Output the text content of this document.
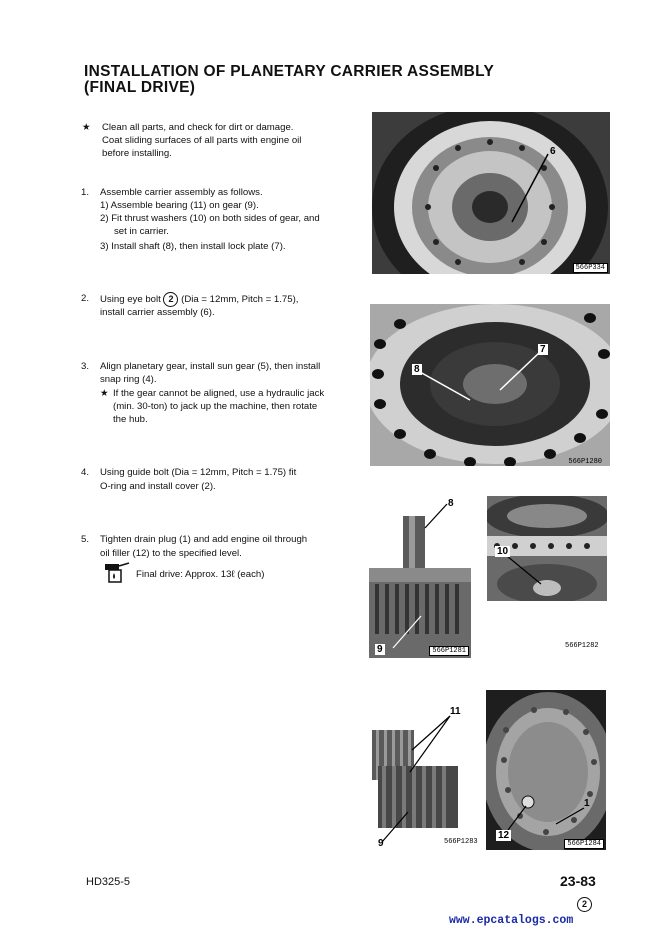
INSTALLATION OF PLANETARY CARRIER ASSEMBLY
(FINAL DRIVE)
★ Clean all parts, and check for dirt or damage.
Coat sliding surfaces of all parts with engine oil
before installing.
1. Assemble carrier assembly as follows.
1) Assemble bearing (11) on gear (9).
2) Fit thrust washers (10) on both sides of gear, and
set in carrier.
3) Install shaft (8), then install lock plate (7).
2. Using eye bolt 2 (Dia = 12mm, Pitch = 1.75),
install carrier assembly (6).
3. Align planetary gear, install sun gear (5), then install
snap ring (4).
★ If the gear cannot be aligned, use a hydraulic jack
(min. 30-ton) to jack up the machine, then rotate
the hub.
4. Using guide bolt (Dia = 12mm, Pitch = 1.75) fit
O-ring and install cover (2).
5. Tighten drain plug (1) and add engine oil through
oil filler (12) to the specified level.
Final drive: Approx. 13ℓ (each)
6
566P334
7
8
566P1280
8
9	566P1281
10
566P1282
11
9	566P1283
1
12
566P1284
HD325-5	23-83
2
www.epcatalogs.com
